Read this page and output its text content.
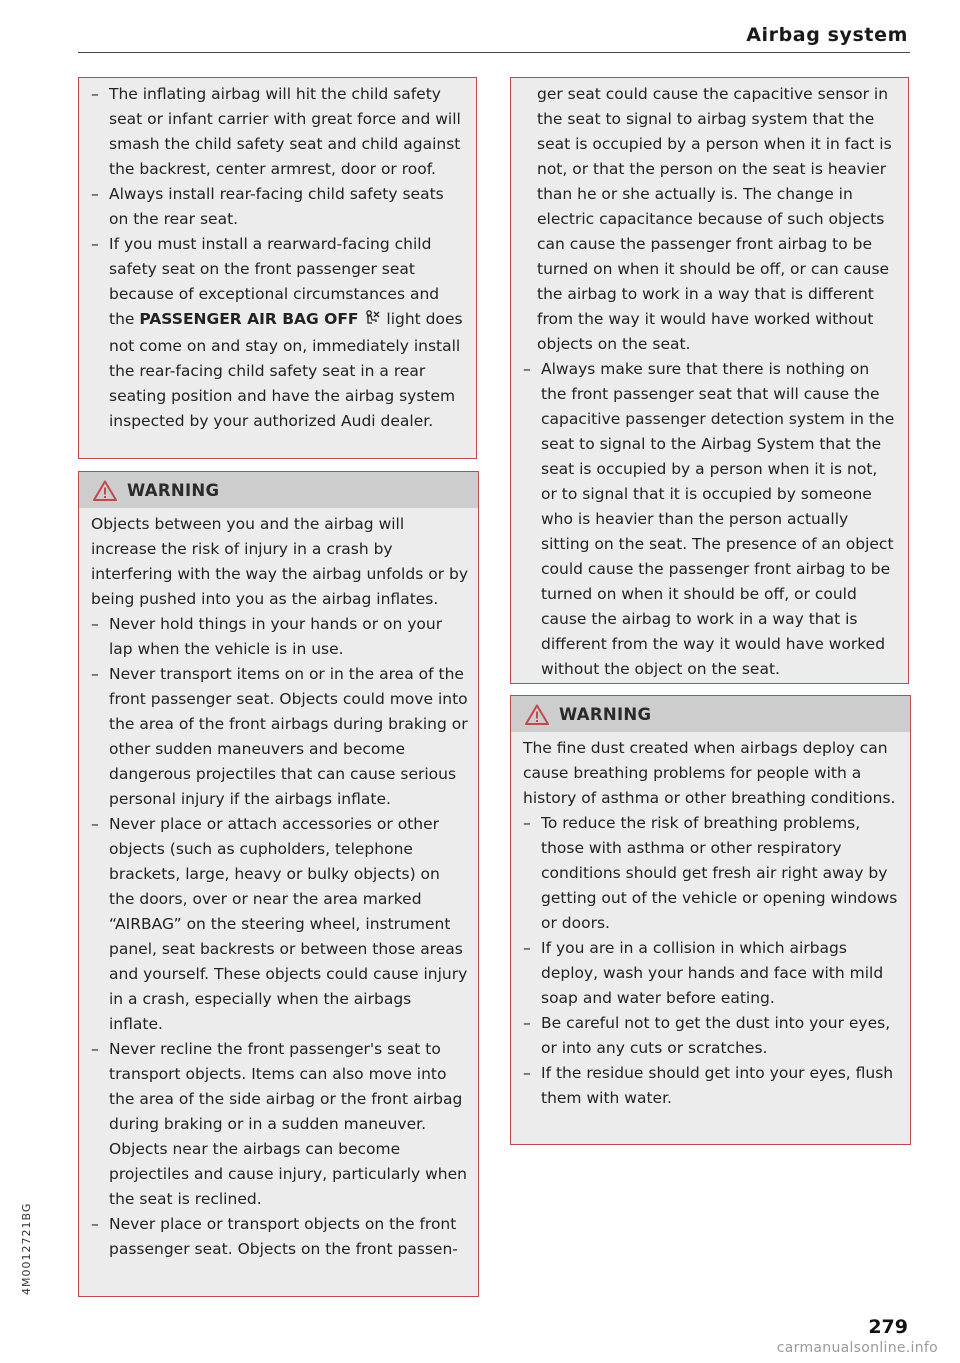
Airbag system
4M0012721BG
– The inflating airbag will hit the child safety seat or infant carrier with great force and will smash the child safety seat and child against the backrest, center armrest, door or roof.
– Always install rear-facing child safety seats on the rear seat.
– If you must install a rearward-facing child safety seat on the front passenger seat because of exceptional circumstances and the PASSENGER AIR BAG OFF  light does not come on and stay on, immediately install the rear-facing child safety seat in a rear seating position and have the airbag system inspected by your authorized Audi dealer.
WARNING

Objects between you and the airbag will increase the risk of injury in a crash by interfering with the way the airbag unfolds or by being pushed into you as the airbag inflates.

– Never hold things in your hands or on your lap when the vehicle is in use.
– Never transport items on or in the area of the front passenger seat. Objects could move into the area of the front airbags during braking or other sudden maneuvers and become dangerous projectiles that can cause serious personal injury if the airbags inflate.
– Never place or attach accessories or other objects (such as cupholders, telephone brackets, large, heavy or bulky objects) on the doors, over or near the area marked “AIRBAG” on the steering wheel, instrument panel, seat backrests or between those areas and yourself. These objects could cause injury in a crash, especially when the airbags inflate.
– Never recline the front passenger's seat to transport objects. Items can also move into the area of the side airbag or the front airbag during braking or in a sudden maneuver. Objects near the airbags can become projectiles and cause injury, particularly when the seat is reclined.
– Never place or transport objects on the front passenger seat. Objects on the front passen-

ger seat could cause the capacitive sensor in the seat to signal to airbag system that the seat is occupied by a person when it in fact is not, or that the person on the seat is heavier than he or she actually is. The change in electric capacitance because of such objects can cause the passenger front airbag to be turned on when it should be off, or can cause the airbag to work in a way that is different from the way it would have worked without objects on the seat.

– Always make sure that there is nothing on the front passenger seat that will cause the capacitive passenger detection system in the seat to signal to the Airbag System that the seat is occupied by a person when it is not, or to signal that it is occupied by someone who is heavier than the person actually sitting on the seat. The presence of an object could cause the passenger front airbag to be turned on when it should be off, or could cause the airbag to work in a way that is different from the way it would have worked without the object on the seat.
WARNING

The fine dust created when airbags deploy can cause breathing problems for people with a history of asthma or other breathing conditions.

– To reduce the risk of breathing problems, those with asthma or other respiratory conditions should get fresh air right away by getting out of the vehicle or opening windows or doors.
– If you are in a collision in which airbags deploy, wash your hands and face with mild soap and water before eating.
– Be careful not to get the dust into your eyes, or into any cuts or scratches.
– If the residue should get into your eyes, flush them with water.
279
carmanualsonline.info
